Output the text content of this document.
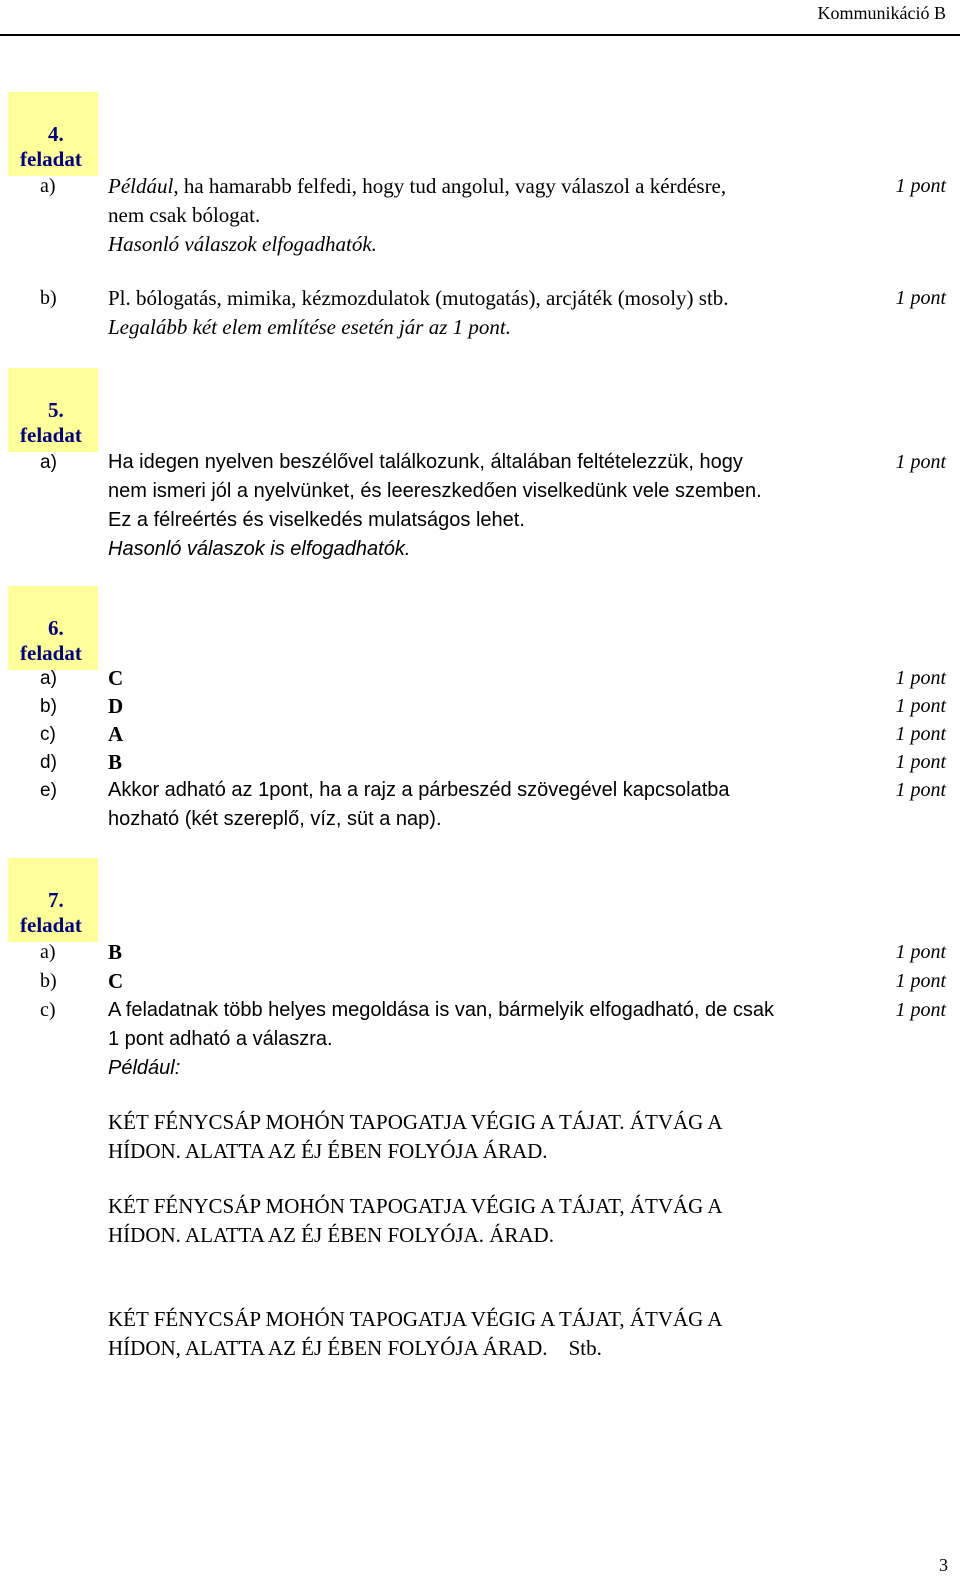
Kommunikáció B
4.
feladat
a) Például, ha hamarabb felfedi, hogy tud angolul, vagy válaszol a kérdésre,
nem csak bólogat.
Hasonló válaszok elfogadhatók.
1 pont
b) Pl. bólogatás, mimika, kézmozdulatok (mutogatás), arcjáték (mosoly) stb.
Legalább két elem említése esetén jár az 1 pont.
1 pont
5.
feladat
a)	Ha idegen nyelven beszélővel találkozunk, általában feltételezzük, hogy
nem ismeri jól a nyelvünket, és leereszkedően viselkedünk vele szemben.
Ez a félreértés és viselkedés mulatságos lehet.
Hasonló válaszok is elfogadhatók.
1 pont
6.
feladat
a) C	1 pont
b) D	1 pont
c) A	1 pont
d) B	1 pont
e)	Akkor adható az 1pont, ha a rajz a párbeszéd szövegével kapcsolatba
hozható (két szereplő, víz, süt a nap).
1 pont
7.
feladat
a) B	1 pont
b) C	1 pont
c)	A feladatnak több helyes megoldása is van, bármelyik elfogadható, de csak
1 pont adható a válaszra.
Például:
1 pont
KÉT FÉNYCSÁP MOHÓN TAPOGATJA VÉGIG A TÁJAT. ÁTVÁG A
HÍDON. ALATTA AZ ÉJ ÉBEN FOLYÓJA ÁRAD.
KÉT FÉNYCSÁP MOHÓN TAPOGATJA VÉGIG A TÁJAT, ÁTVÁG A
HÍDON. ALATTA AZ ÉJ ÉBEN FOLYÓJA. ÁRAD.
KÉT FÉNYCSÁP MOHÓN TAPOGATJA VÉGIG A TÁJAT, ÁTVÁG A
HÍDON, ALATTA AZ ÉJ ÉBEN FOLYÓJA ÁRAD. Stb.
3
